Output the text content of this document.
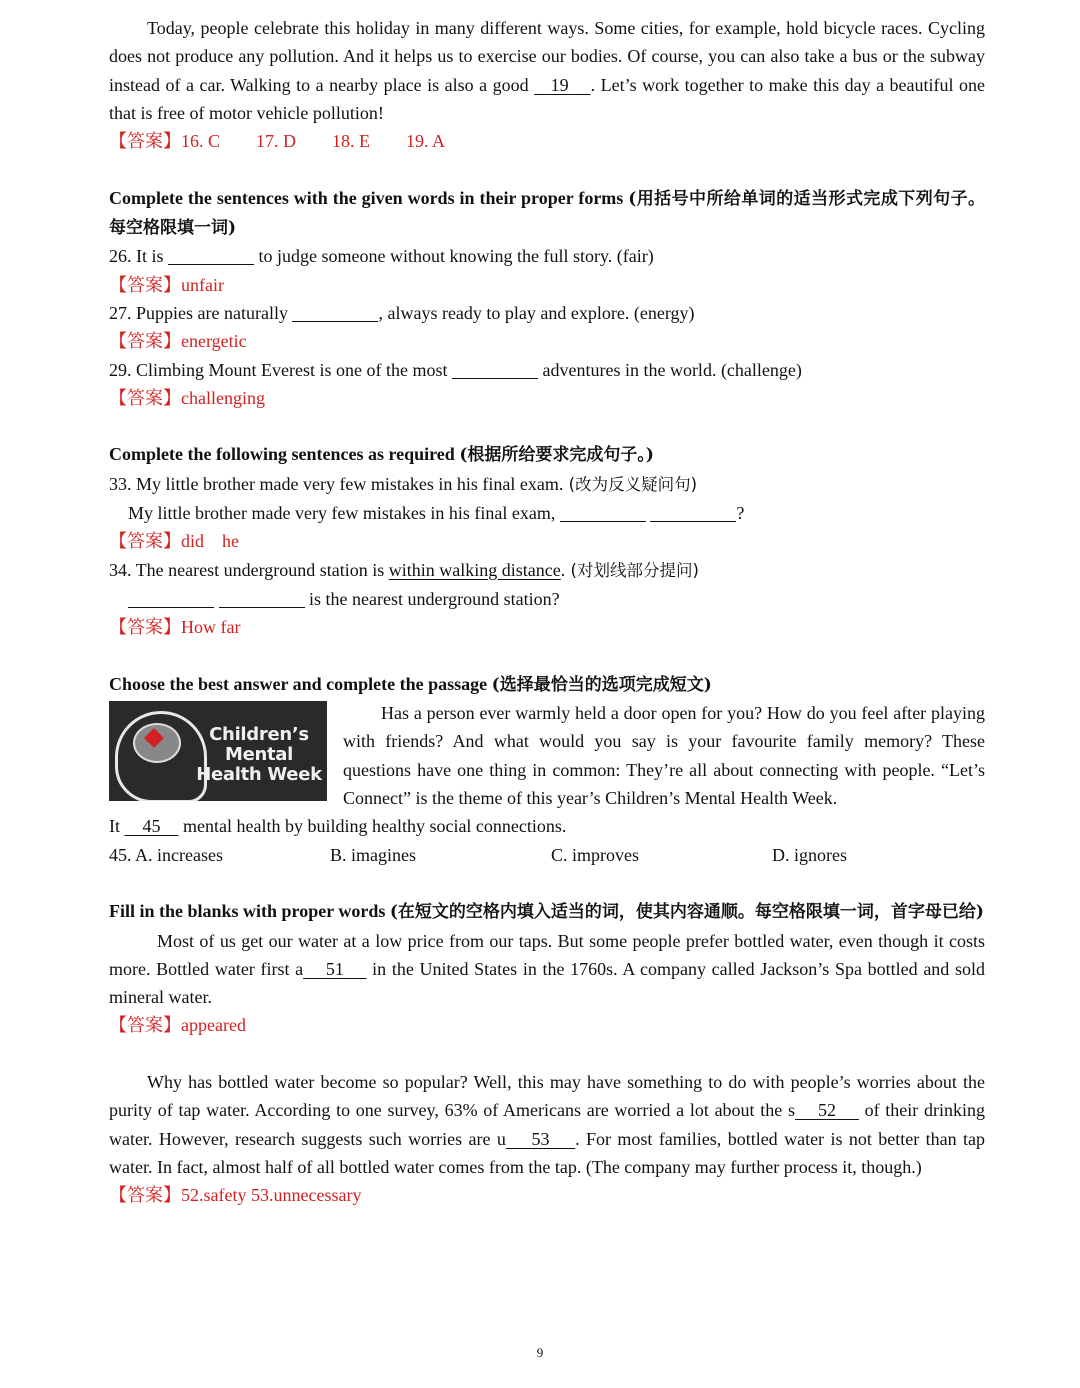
Today, people celebrate this holiday in many different ways. Some cities, for example, hold bicycle races. Cycling does not produce any pollution. And it helps us to exercise our bodies. Of course, you can also take a bus or the subway instead of a car. Walking to a nearby place is also a good    19 . Let’s work together to make this day a beautiful one that is free of motor vehicle pollution!

【答案】16. C 17. D 18. E 19. A

Complete the sentences with the given words in their proper forms (用括号中所给单词的适当形式完成下列句子。每空格限填一词)

26. It is	to judge someone without knowing the full story. (fair)

【答案】unfair

27. Puppies are naturally	, always ready to play and explore. (energy)

【答案】energetic

29. Climbing Mount Everest is one of the most	adventures in the world. (challenge)

【答案】challenging

Complete the following sentences as required (根据所给要求完成句子。)

33. My little brother made very few mistakes in his final exam. (改为反义疑问句)

My little brother made very few mistakes in his final exam,	?

【答案】did he

34. The nearest underground station is within walking distance. (对划线部分提问)

is the nearest underground station?

【答案】How far

Choose the best answer and complete the passage (选择最恰当的选项完成短文)

Children’s Mental Health Week

Has a person ever warmly held a door open for you? How do you feel after playing with friends? And what would you say is your favourite family memory? These questions have one thing in common: They’re all about connecting with people. “Let’s Connect” is the theme of this year’s Children’s Mental Health Week.

It     45     mental health by building healthy social connections.

45. A. increases	B. imagines	C. improves	D. ignores

Fill in the blanks with proper words (在短文的空格内填入适当的词，使其内容通顺。每空格限填一词，首字母已给)

Most of us get our water at a low price from our taps. But some people prefer bottled water, even though it costs more. Bottled water first a 51     in the United States in the 1760s. A company called Jackson’s Spa bottled and sold mineral water.

【答案】appeared

Why has bottled water become so popular? Well, this may have something to do with people’s worries about the purity of tap water. According to one survey, 63% of Americans are worried a lot about the s 52     of their drinking water. However, research suggests such worries are u 53 . For most families, bottled water is not better than tap water. In fact, almost half of all bottled water comes from the tap. (The company may further process it, though.)

【答案】52.safety 53.unnecessary

9
